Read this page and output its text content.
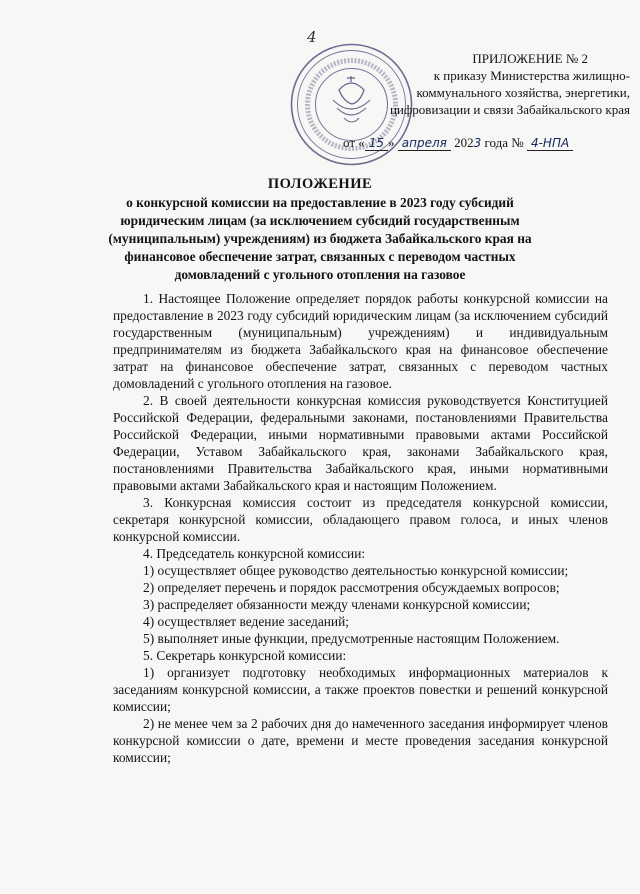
4
ПРИЛОЖЕНИЕ № 2
к приказу Министерства жилищно-
коммунального хозяйства, энергетики,
цифровизации и связи Забайкальского края
от « 15 » апреля 2023 года № 4-НПА
ПОЛОЖЕНИЕ
о конкурсной комиссии на предоставление в 2023 году субсидий
юридическим лицам (за исключением субсидий государственным
(муниципальным) учреждениям) из бюджета Забайкальского края на
финансовое обеспечение затрат, связанных с переводом частных
домовладений с угольного отопления на газовое

1. Настоящее Положение определяет порядок работы конкурсной комиссии на предоставление в 2023 году субсидий юридическим лицам (за исключением субсидий государственным (муниципальным) учреждениям) и индивидуальным предпринимателям из бюджета Забайкальского края на финансовое обеспечение затрат на финансовое обеспечение затрат, связанных с переводом частных домовладений с угольного отопления на газовое.

2. В своей деятельности конкурсная комиссия руководствуется Конституцией Российской Федерации, федеральными законами, постановлениями Правительства Российской Федерации, иными нормативными правовыми актами Российской Федерации, Уставом Забайкальского края, законами Забайкальского края, постановлениями Правительства Забайкальского края, иными нормативными правовыми актами Забайкальского края и настоящим Положением.

3. Конкурсная комиссия состоит из председателя конкурсной комиссии, секретаря конкурсной комиссии, обладающего правом голоса, и иных членов конкурсной комиссии.

4. Председатель конкурсной комиссии:

1) осуществляет общее руководство деятельностью конкурсной комиссии;

2) определяет перечень и порядок рассмотрения обсуждаемых вопросов;

3) распределяет обязанности между членами конкурсной комиссии;

4) осуществляет ведение заседаний;

5) выполняет иные функции, предусмотренные настоящим Положением.

5. Секретарь конкурсной комиссии:

1) организует подготовку необходимых информационных материалов к заседаниям конкурсной комиссии, а также проектов повестки и решений конкурсной комиссии;

2) не менее чем за 2 рабочих дня до намеченного заседания информирует членов конкурсной комиссии о дате, времени и месте проведения заседания конкурсной комиссии;
